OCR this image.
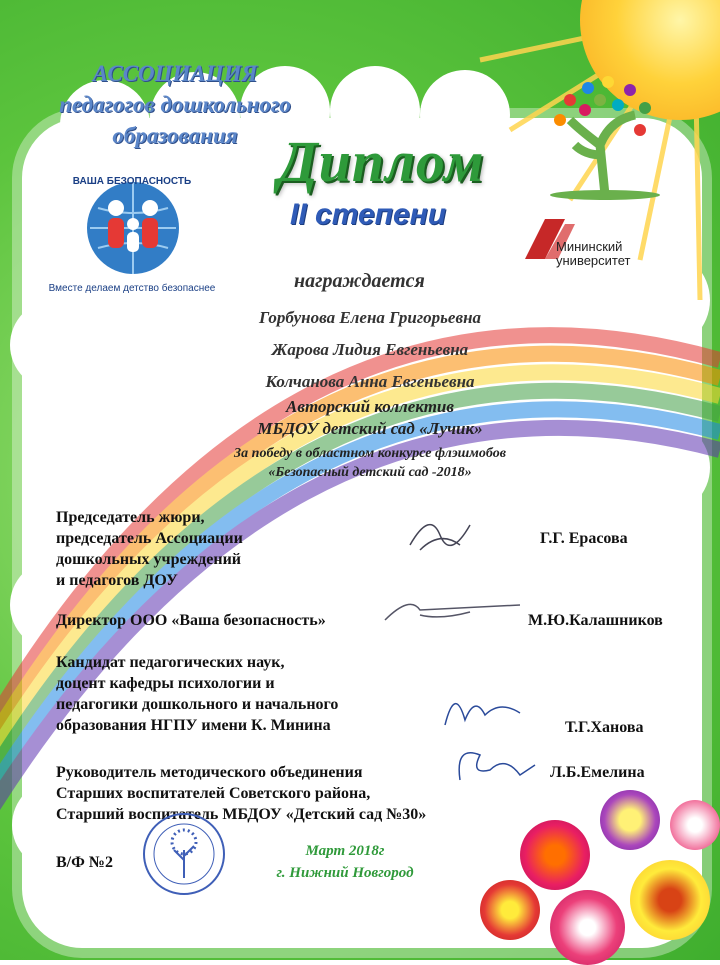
АССОЦИАЦИЯ
педагогов дошкольного
образования
ВАША БЕЗОПАСНОСТЬ
Вместе делаем детство безопаснее
Мининский
университет
Диплом
II степени
награждается
Горбунова Елена Григорьевна
Жарова Лидия Евгеньевна
Колчанова Анна Евгеньевна
Авторский коллектив
МБДОУ детский сад «Лучик»
За победу в областном конкурсе флэшмобов
«Безопасный детский сад -2018»
Председатель жюри,
председатель Ассоциации
дошкольных учреждений
и педагогов ДОУ
Г.Г. Ерасова
Директор ООО «Ваша безопасность»	М.Ю.Калашников
Кандидат педагогических наук,
доцент кафедры психологии и
педагогики дошкольного и начального
образования НГПУ имени К. Минина	Т.Г.Ханова
Руководитель методического объединения
Старших воспитателей Советского района,
Старший воспитатель МБДОУ «Детский сад №30»
Л.Б.Емелина
В/Ф №2
Март 2018г
г. Нижний Новгород
